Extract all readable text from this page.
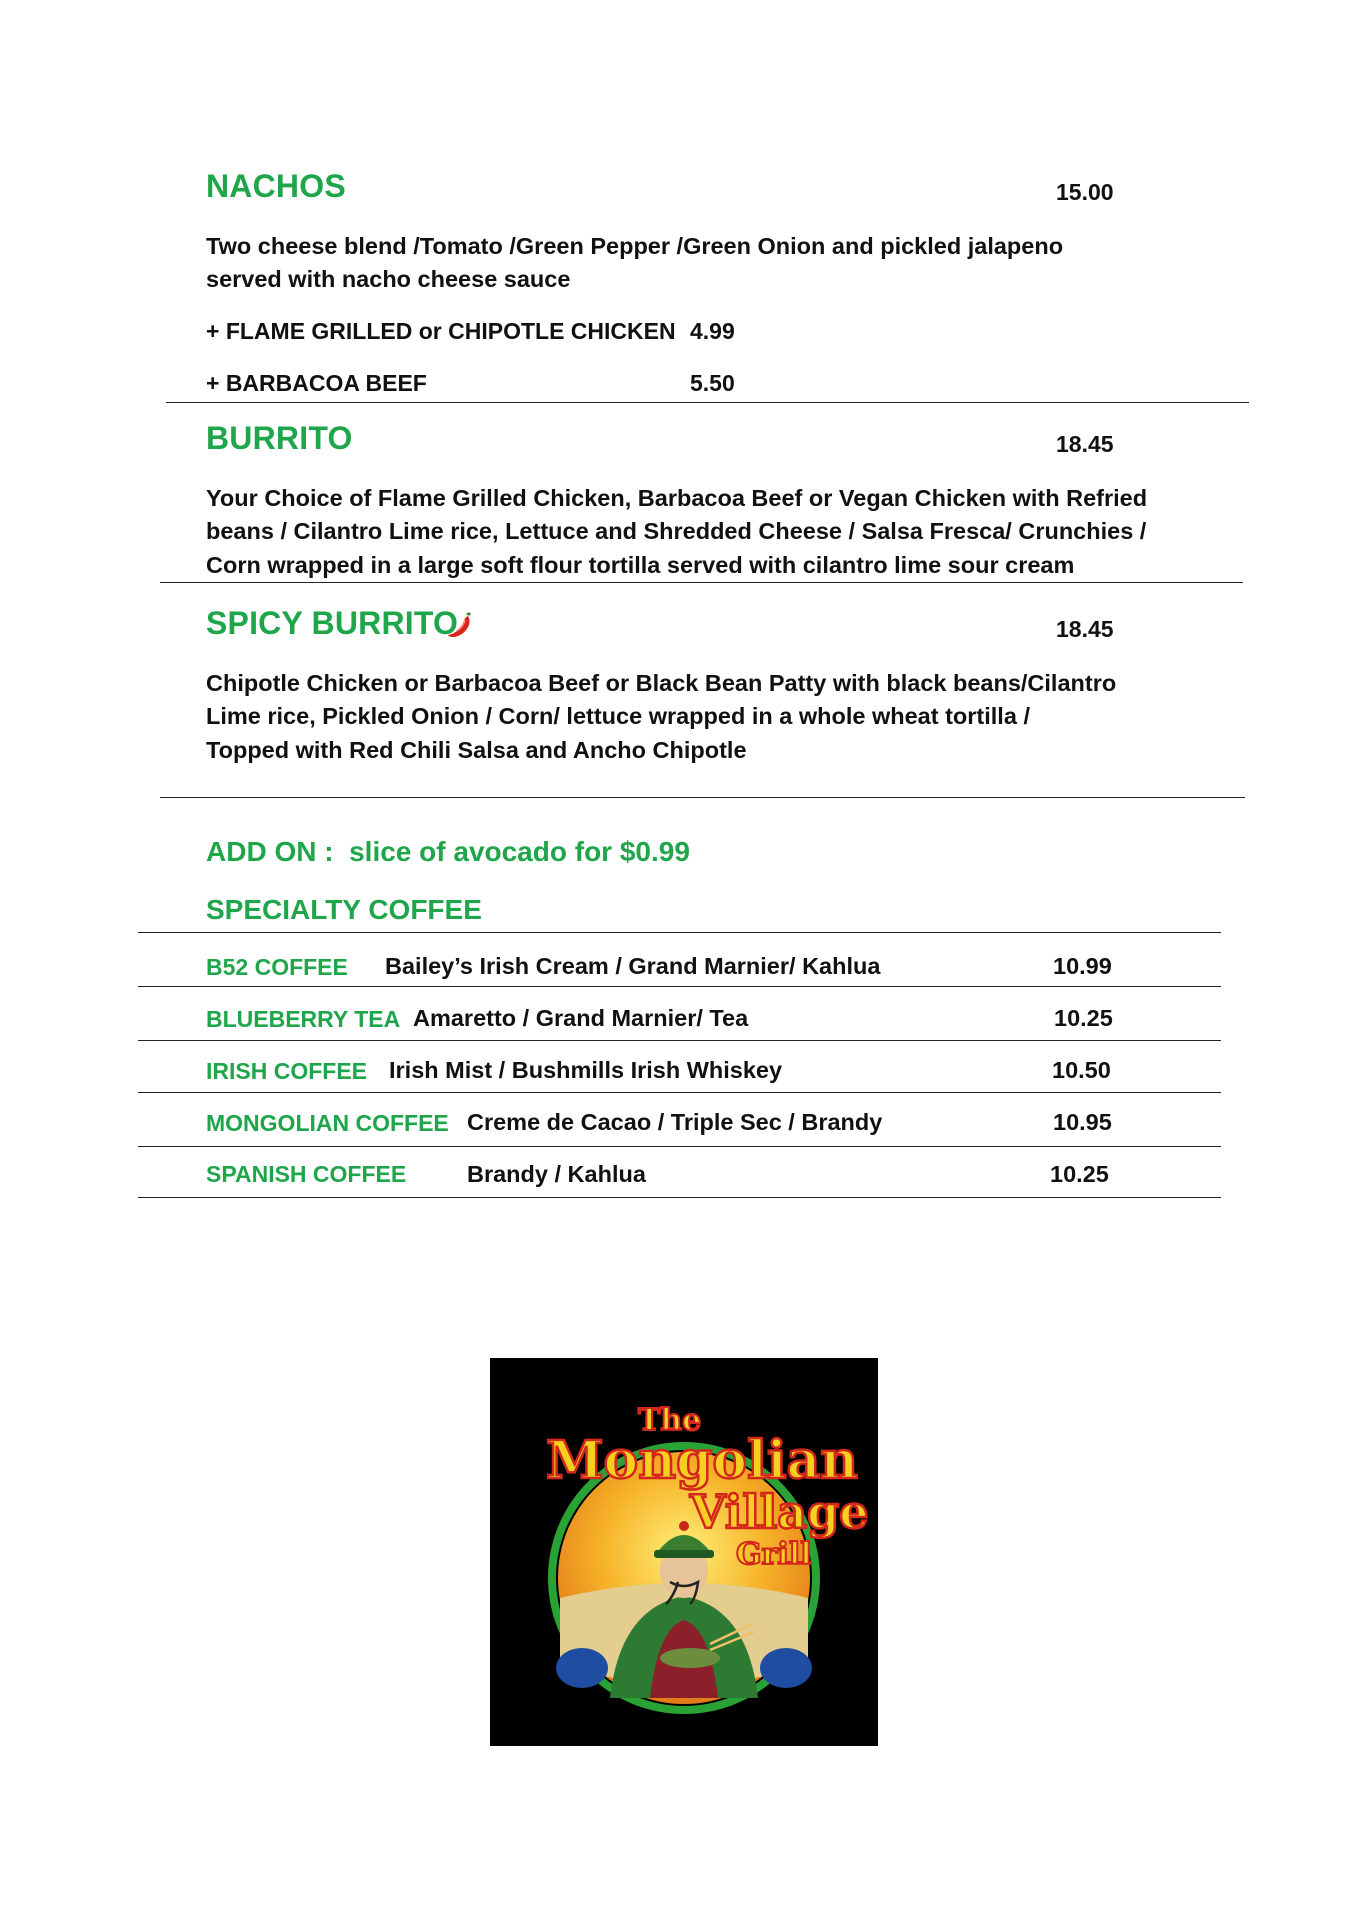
NACHOS	15.00
Two cheese blend /Tomato /Green Pepper /Green Onion and pickled jalapeno
served with nacho cheese sauce
+ FLAME GRILLED or CHIPOTLE CHICKEN 4.99
+ BARBACOA BEEF	5.50
BURRITO	18.45
Your Choice of Flame Grilled Chicken, Barbacoa Beef or Vegan Chicken with Refried
beans / Cilantro Lime rice, Lettuce and Shredded Cheese / Salsa Fresca/ Crunchies /
Corn wrapped in a large soft flour tortilla served with cilantro lime sour cream
SPICY BURRITO	18.45
Chipotle Chicken or Barbacoa Beef or Black Bean Patty with black beans/Cilantro
Lime rice, Pickled Onion / Corn/ lettuce wrapped in a whole wheat tortilla /
Topped with Red Chili Salsa and Ancho Chipotle
ADD ON :  slice of avocado for $0.99
SPECIALTY COFFEE
B52 COFFEE Bailey’s Irish Cream / Grand Marnier/ Kahlua	10.99
BLUEBERRY TEA Amaretto / Grand Marnier/ Tea	10.25
IRISH COFFEE Irish Mist / Bushmills Irish Whiskey	10.50
MONGOLIAN COFFEE Creme de Cacao / Triple Sec / Brandy	10.95
SPANISH COFFEE	Brandy / Kahlua	10.25
The
Mongolian
Village
Grill
